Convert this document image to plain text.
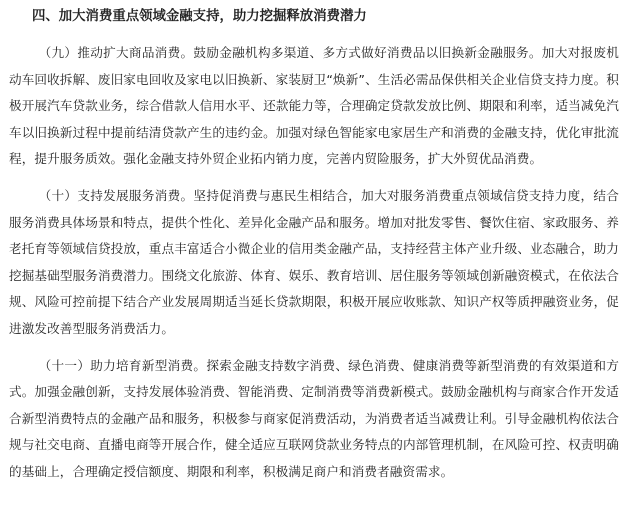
四、加大消费重点领域金融支持，助力挖掘释放消费潜力

（九）推动扩大商品消费。鼓励金融机构多渠道、多方式做好消费品以旧换新金融服务。加大对报废机动车回收拆解、废旧家电回收及家电以旧换新、家装厨卫“焕新”、生活必需品保供相关企业信贷支持力度。积极开展汽车贷款业务，综合借款人信用水平、还款能力等，合理确定贷款发放比例、期限和利率，适当减免汽车以旧换新过程中提前结清贷款产生的违约金。加强对绿色智能家电家居生产和消费的金融支持，优化审批流程，提升服务质效。强化金融支持外贸企业拓内销力度，完善内贸险服务，扩大外贸优品消费。

（十）支持发展服务消费。坚持促消费与惠民生相结合，加大对服务消费重点领域信贷支持力度，结合服务消费具体场景和特点，提供个性化、差异化金融产品和服务。增加对批发零售、餐饮住宿、家政服务、养老托育等领域信贷投放，重点丰富适合小微企业的信用类金融产品，支持经营主体产业升级、业态融合，助力挖掘基础型服务消费潜力。围绕文化旅游、体育、娱乐、教育培训、居住服务等领域创新融资模式，在依法合规、风险可控前提下结合产业发展周期适当延长贷款期限，积极开展应收账款、知识产权等质押融资业务，促进激发改善型服务消费活力。

（十一）助力培育新型消费。探索金融支持数字消费、绿色消费、健康消费等新型消费的有效渠道和方式。加强金融创新，支持发展体验消费、智能消费、定制消费等消费新模式。鼓励金融机构与商家合作开发适合新型消费特点的金融产品和服务，积极参与商家促消费活动，为消费者适当减费让利。引导金融机构依法合规与社交电商、直播电商等开展合作，健全适应互联网贷款业务特点的内部管理机制，在风险可控、权责明确的基础上，合理确定授信额度、期限和利率，积极满足商户和消费者融资需求。
